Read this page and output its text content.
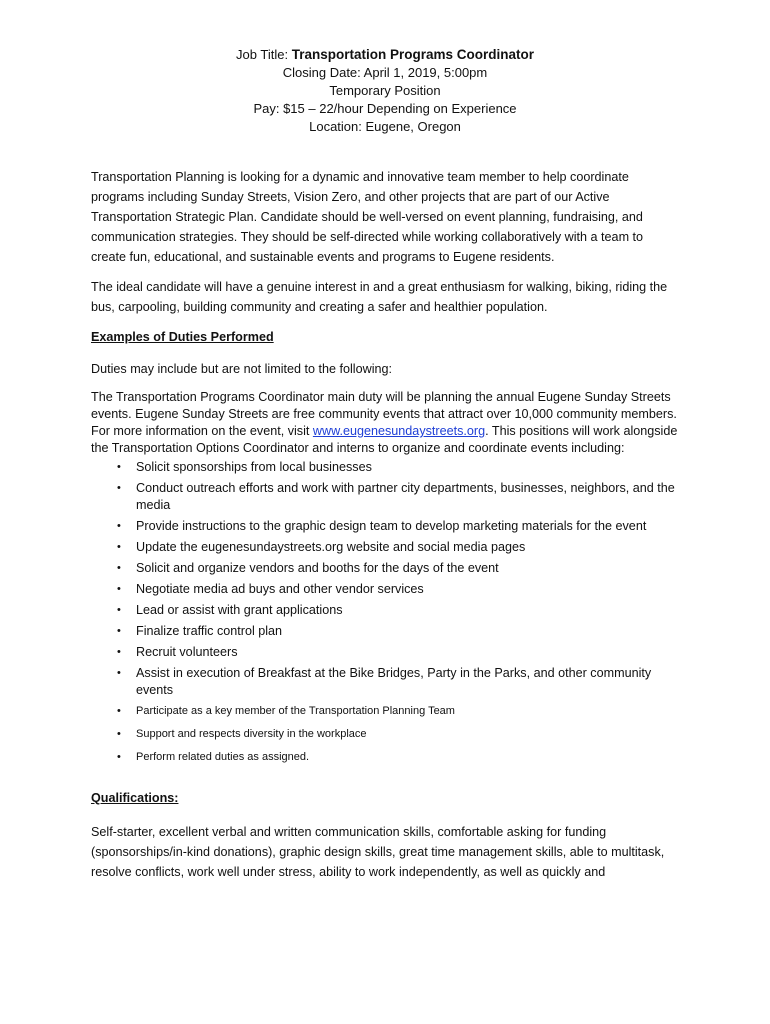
Job Title: Transportation Programs Coordinator
Closing Date: April 1, 2019, 5:00pm
Temporary Position
Pay: $15 – 22/hour Depending on Experience
Location: Eugene, Oregon

Transportation Planning is looking for a dynamic and innovative team member to help coordinate programs including Sunday Streets, Vision Zero, and other projects that are part of our Active Transportation Strategic Plan. Candidate should be well-versed on event planning, fundraising, and communication strategies. They should be self-directed while working collaboratively with a team to create fun, educational, and sustainable events and programs to Eugene residents.

The ideal candidate will have a genuine interest in and a great enthusiasm for walking, biking, riding the bus, carpooling, building community and creating a safer and healthier population.

Examples of Duties Performed

Duties may include but are not limited to the following:

The Transportation Programs Coordinator main duty will be planning the annual Eugene Sunday Streets events. Eugene Sunday Streets are free community events that attract over 10,000 community members. For more information on the event, visit www.eugenesundaystreets.org. This positions will work alongside the Transportation Options Coordinator and interns to organize and coordinate events including:

• Solicit sponsorships from local businesses
• Conduct outreach efforts and work with partner city departments, businesses, neighbors, and the media
• Provide instructions to the graphic design team to develop marketing materials for the event
• Update the eugenesundaystreets.org website and social media pages
• Solicit and organize vendors and booths for the days of the event
• Negotiate media ad buys and other vendor services
• Lead or assist with grant applications
• Finalize traffic control plan
• Recruit volunteers
• Assist in execution of Breakfast at the Bike Bridges, Party in the Parks, and other community events
• Participate as a key member of the Transportation Planning Team
• Support and respects diversity in the workplace
• Perform related duties as assigned.

Qualifications:

Self-starter, excellent verbal and written communication skills, comfortable asking for funding (sponsorships/in-kind donations), graphic design skills, great time management skills, able to multitask, resolve conflicts, work well under stress, ability to work independently, as well as quickly and
